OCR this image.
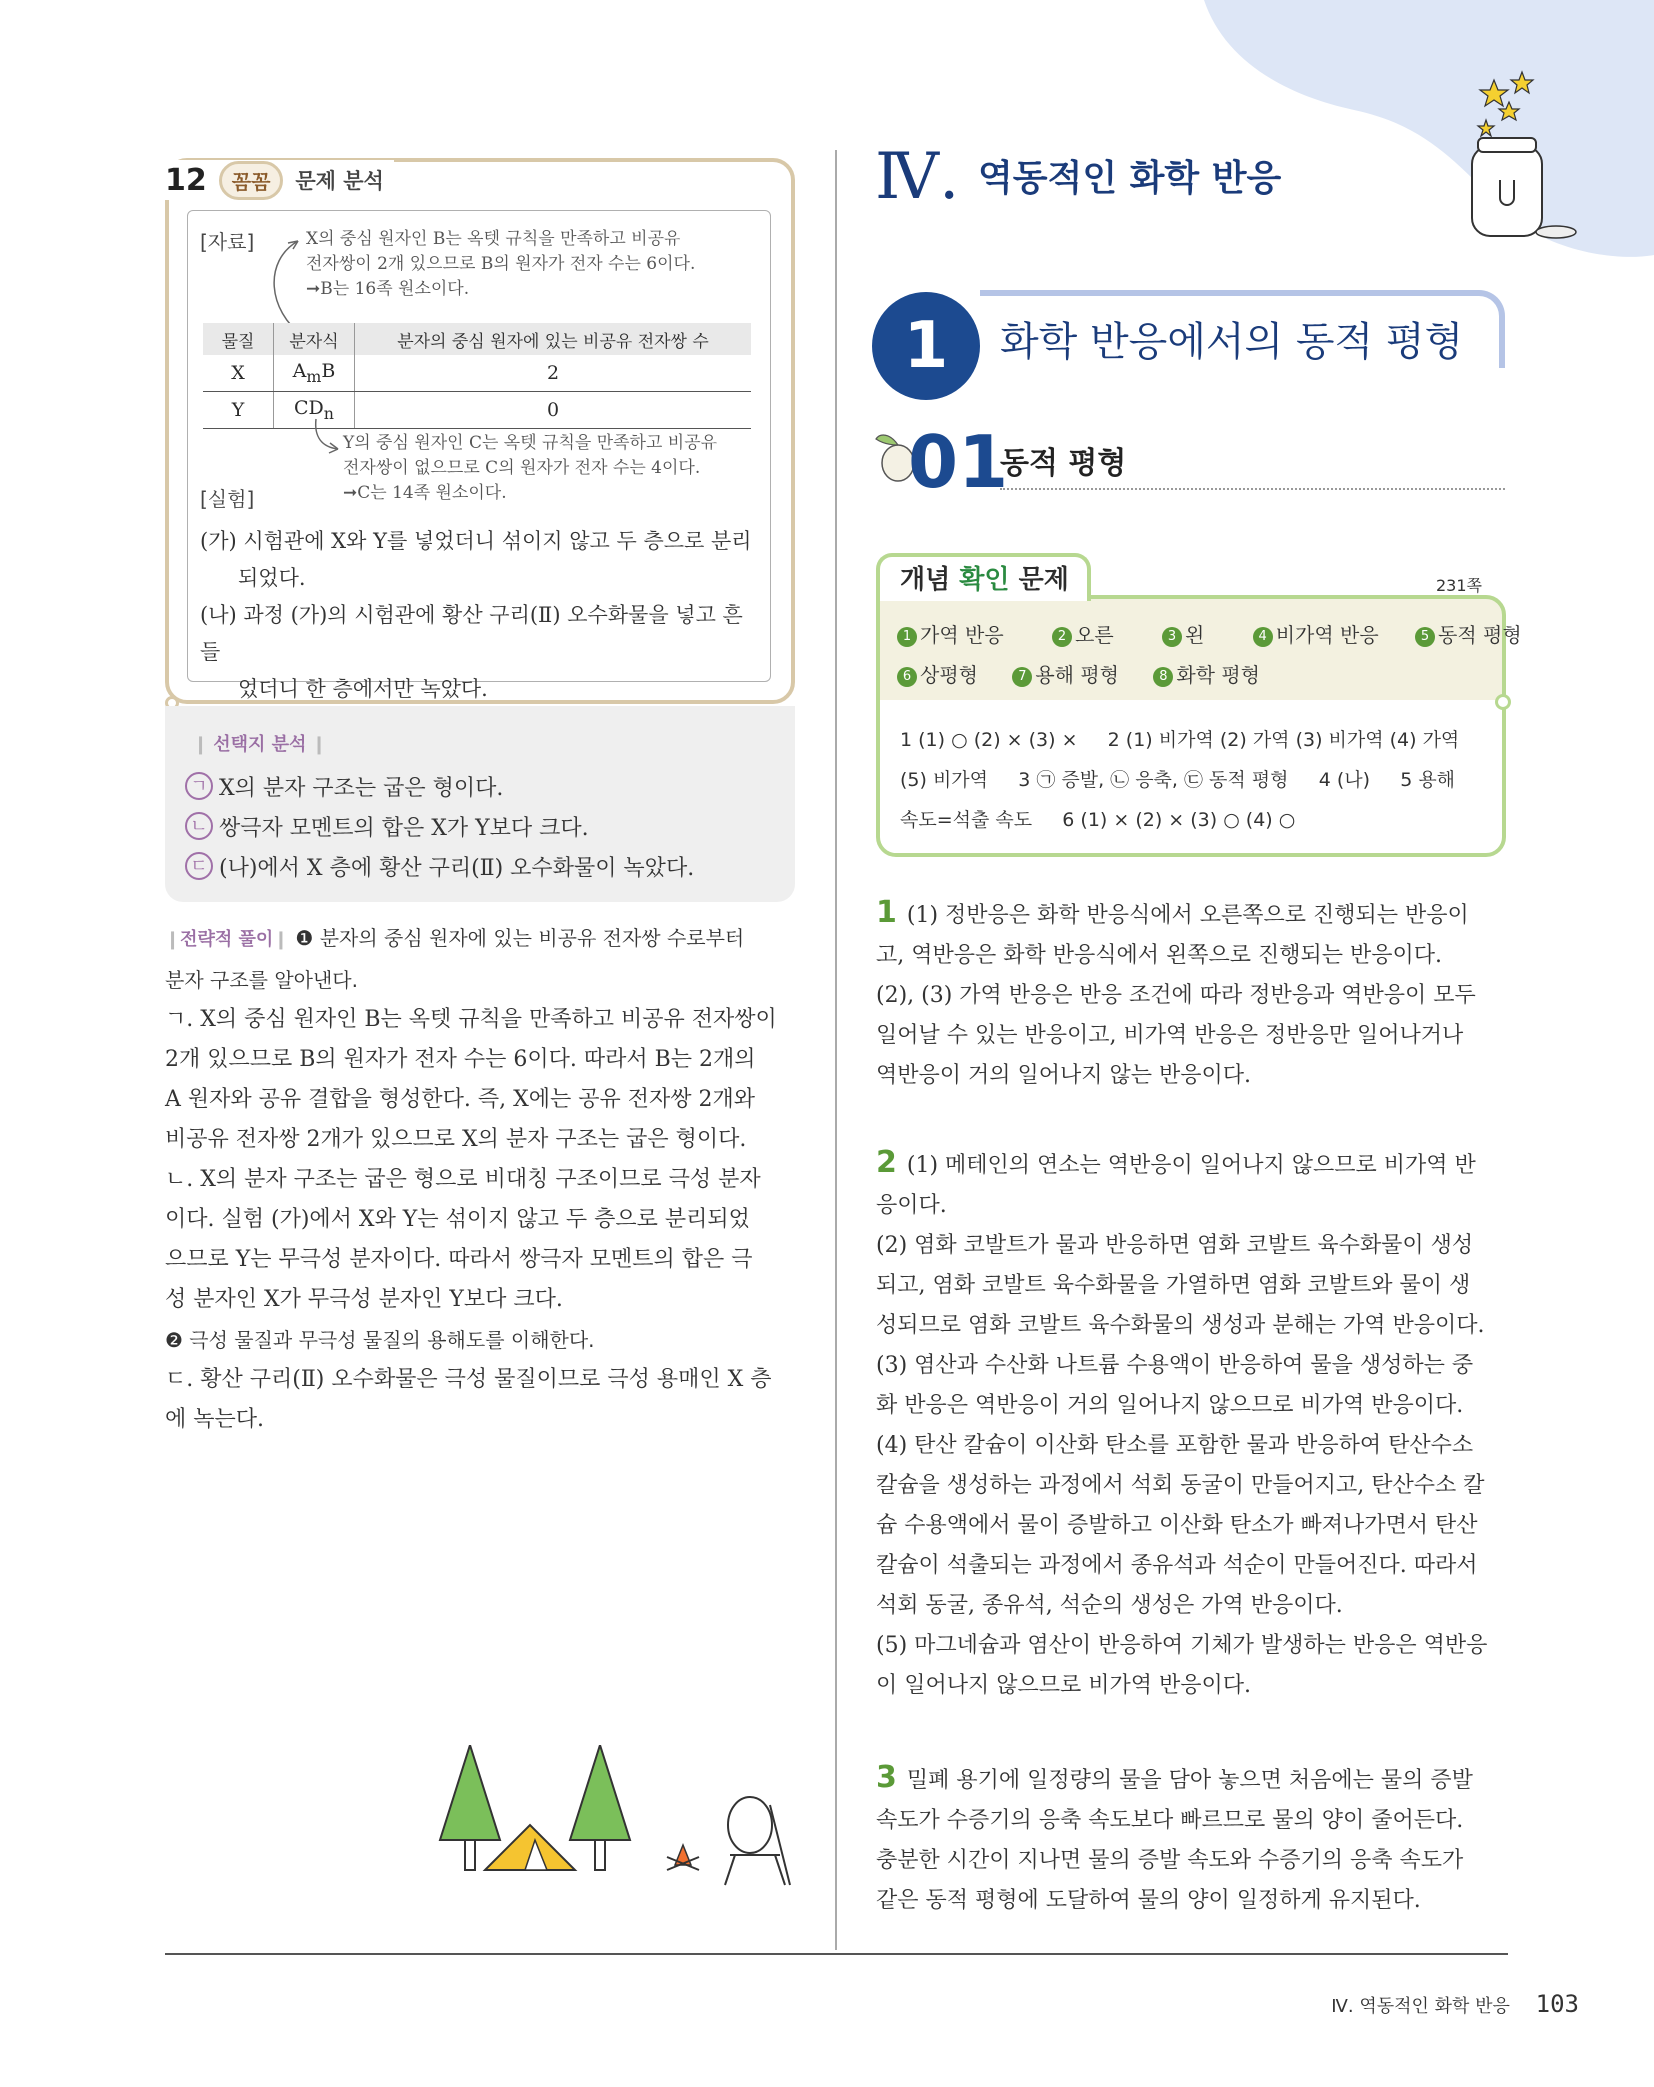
12	꼼꼼	문제 분석
[자료]	X의 중심 원자인 B는 옥텟 규칙을 만족하고 비공유
전자쌍이 2개 있으므로 B의 원자가 전자 수는 6이다.
➞B는 16족 원소이다.
물질	분자식	분자의 중심 원자에 있는 비공유 전자쌍 수
X	$A_mB$	2
Y	$CD_n$	0
Y의 중심 원자인 C는 옥텟 규칙을 만족하고 비공유
전자쌍이 없으므로 C의 원자가 전자 수는 4이다.
➞C는 14족 원소이다.
[실험]
(가) 시험관에 X와 Y를 넣었더니 섞이지 않고 두 층으로 분리
되었다.
(나) 과정 (가)의 시험관에 황산 구리(Ⅱ) 오수화물을 넣고 흔들
었더니 한 층에서만 녹았다.
❙ 선택지 분석 ❙
ㄱ X의 분자 구조는 굽은 형이다.
ㄴ 쌍극자 모멘트의 합은 X가 Y보다 크다.
ㄷ (나)에서 X 층에 황산 구리(Ⅱ) 오수화물이 녹았다.
❙전략적 풀이❙ ❶ 분자의 중심 원자에 있는 비공유 전자쌍 수로부터
분자 구조를 알아낸다.
ㄱ. X의 중심 원자인 B는 옥텟 규칙을 만족하고 비공유 전자쌍이
2개 있으므로 B의 원자가 전자 수는 6이다. 따라서 B는 2개의
A 원자와 공유 결합을 형성한다. 즉, X에는 공유 전자쌍 2개와
비공유 전자쌍 2개가 있으므로 X의 분자 구조는 굽은 형이다.
ㄴ. X의 분자 구조는 굽은 형으로 비대칭 구조이므로 극성 분자
이다. 실험 (가)에서 X와 Y는 섞이지 않고 두 층으로 분리되었
으므로 Y는 무극성 분자이다. 따라서 쌍극자 모멘트의 합은 극
성 분자인 X가 무극성 분자인 Y보다 크다.
❷ 극성 물질과 무극성 물질의 용해도를 이해한다.
ㄷ. 황산 구리(Ⅱ) 오수화물은 극성 물질이므로 극성 용매인 X 층
에 녹는다.
Ⅳ. 역동적인 화학 반응
1	화학 반응에서의 동적 평형
01
동적 평형
개념 확인 문제	231쪽
1 가역 반응	2 오른	3 왼	4 비가역 반응	5 동적 평형
6 상평형	7 용해 평형	8 화학 평형
1 (1) ○ (2) × (3) ×     2 (1) 비가역 (2) 가역 (3) 비가역 (4) 가역
(5) 비가역     3 ㉠ 증발, ㉡ 응축, ㉢ 동적 평형     4 (나)     5 용해
속도=석출 속도     6 (1) × (2) × (3) ○ (4) ○
1 (1) 정반응은 화학 반응식에서 오른쪽으로 진행되는 반응이
고, 역반응은 화학 반응식에서 왼쪽으로 진행되는 반응이다.
(2), (3) 가역 반응은 반응 조건에 따라 정반응과 역반응이 모두
일어날 수 있는 반응이고, 비가역 반응은 정반응만 일어나거나
역반응이 거의 일어나지 않는 반응이다.
2 (1) 메테인의 연소는 역반응이 일어나지 않으므로 비가역 반
응이다.
(2) 염화 코발트가 물과 반응하면 염화 코발트 육수화물이 생성
되고, 염화 코발트 육수화물을 가열하면 염화 코발트와 물이 생
성되므로 염화 코발트 육수화물의 생성과 분해는 가역 반응이다.
(3) 염산과 수산화 나트륨 수용액이 반응하여 물을 생성하는 중
화 반응은 역반응이 거의 일어나지 않으므로 비가역 반응이다.
(4) 탄산 칼슘이 이산화 탄소를 포함한 물과 반응하여 탄산수소
칼슘을 생성하는 과정에서 석회 동굴이 만들어지고, 탄산수소 칼
슘 수용액에서 물이 증발하고 이산화 탄소가 빠져나가면서 탄산
칼슘이 석출되는 과정에서 종유석과 석순이 만들어진다. 따라서
석회 동굴, 종유석, 석순의 생성은 가역 반응이다.
(5) 마그네슘과 염산이 반응하여 기체가 발생하는 반응은 역반응
이 일어나지 않으므로 비가역 반응이다.
3 밀폐 용기에 일정량의 물을 담아 놓으면 처음에는 물의 증발
속도가 수증기의 응축 속도보다 빠르므로 물의 양이 줄어든다.
충분한 시간이 지나면 물의 증발 속도와 수증기의 응축 속도가
같은 동적 평형에 도달하여 물의 양이 일정하게 유지된다.
Ⅳ. 역동적인 화학 반응 103
